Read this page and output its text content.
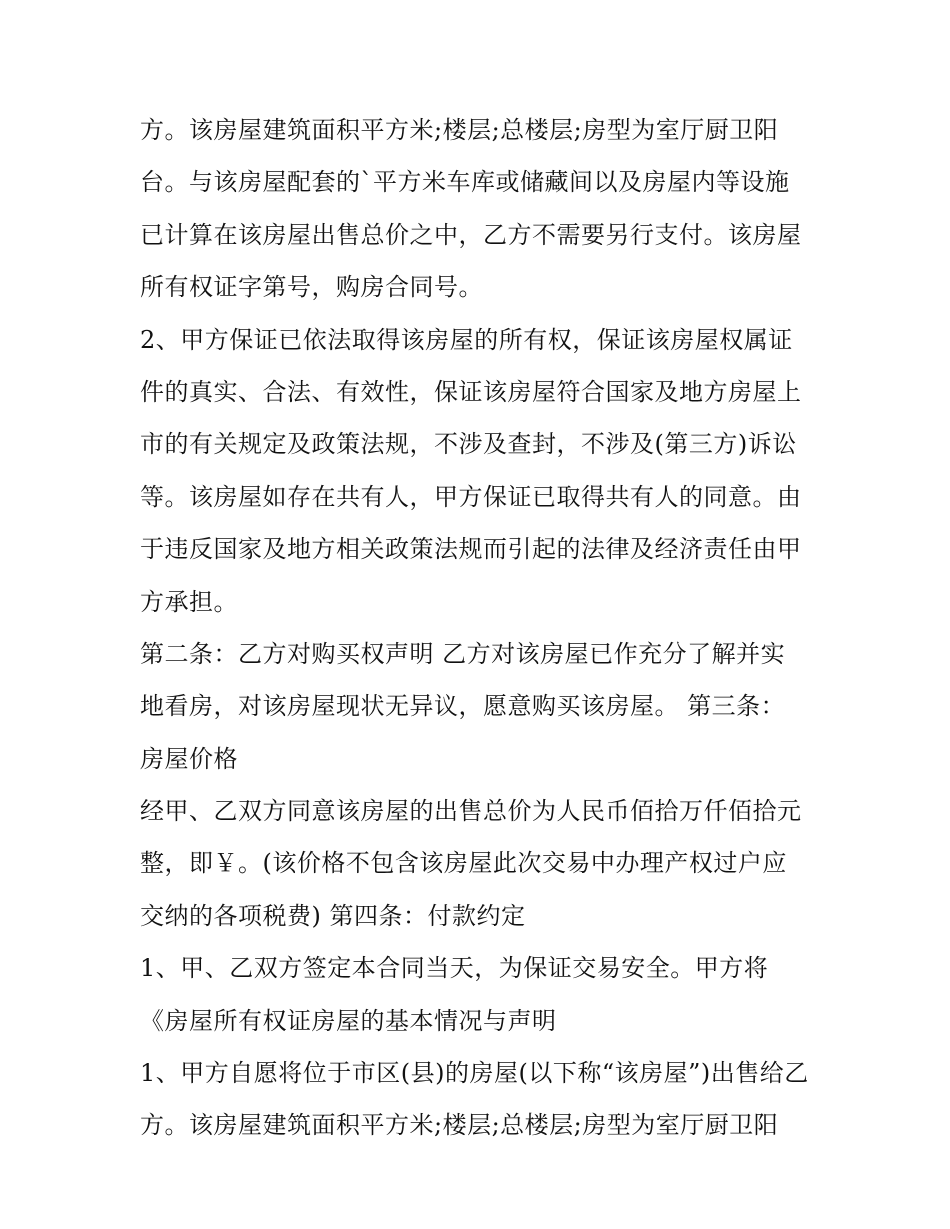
方。该房屋建筑面积平方米;楼层;总楼层;房型为室厅厨卫阳
台。与该房屋配套的`平方米车库或储藏间以及房屋内等设施
已计算在该房屋出售总价之中，乙方不需要另行支付。该房屋
所有权证字第号，购房合同号。
2、甲方保证已依法取得该房屋的所有权，保证该房屋权属证
件的真实、合法、有效性，保证该房屋符合国家及地方房屋上
市的有关规定及政策法规，不涉及查封，不涉及(第三方)诉讼
等。该房屋如存在共有人，甲方保证已取得共有人的同意。由
于违反国家及地方相关政策法规而引起的法律及经济责任由甲
方承担。
第二条：乙方对购买权声明 乙方对该房屋已作充分了解并实
地看房，对该房屋现状无异议，愿意购买该房屋。 第三条：
房屋价格
经甲、乙双方同意该房屋的出售总价为人民币佰拾万仟佰拾元
整，即￥。(该价格不包含该房屋此次交易中办理产权过户应
交纳的各项税费) 第四条：付款约定
1、甲、乙双方签定本合同当天，为保证交易安全。甲方将
《房屋所有权证房屋的基本情况与声明
1、甲方自愿将位于市区(县)的房屋(以下称“该房屋”)出售给乙
方。该房屋建筑面积平方米;楼层;总楼层;房型为室厅厨卫阳
